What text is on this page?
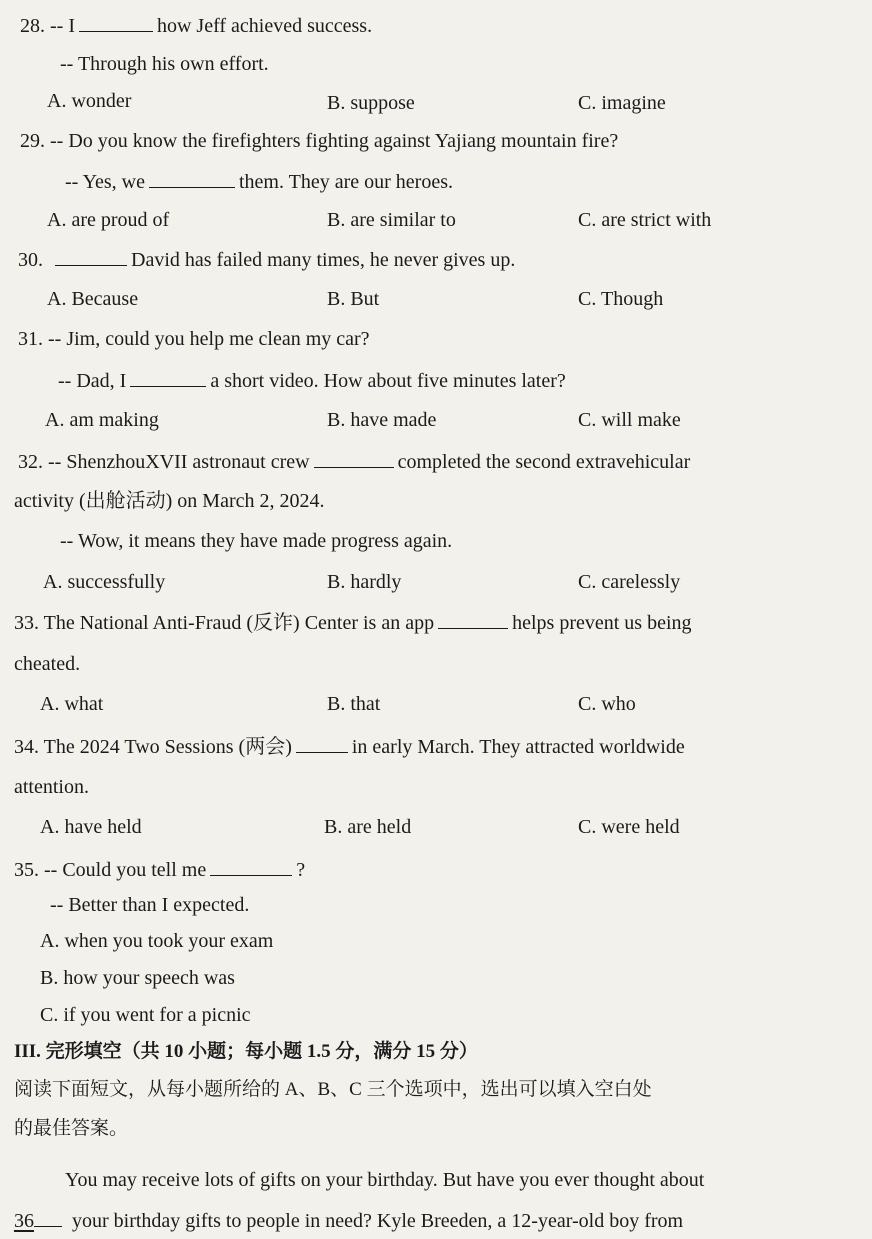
28. -- I	how Jeff achieved success.
-- Through his own effort.
A. wonder	B. suppose	C. imagine
29. -- Do you know the firefighters fighting against Yajiang mountain fire?
-- Yes, we	them. They are our heroes.
A. are proud of	B. are similar to	C. are strict with
30.	David has failed many times, he never gives up.
A. Because	B. But	C. Though
31. -- Jim, could you help me clean my car?
-- Dad, I	a short video. How about five minutes later?
A. am making	B. have made	C. will make
32. -- ShenzhouXVII astronaut crew	completed the second extravehicular
activity (出舱活动) on March 2, 2024.
-- Wow, it means they have made progress again.
A. successfully	B. hardly	C. carelessly
33. The National Anti-Fraud (反诈) Center is an app	helps prevent us being
cheated.
A. what	B. that	C. who
34. The 2024 Two Sessions (两会)	in early March. They attracted worldwide
attention.
A. have held	B. are held	C. were held
35. -- Could you tell me	?
-- Better than I expected.
A. when you took your exam
B. how your speech was
C. if you went for a picnic
III. 完形填空（共 10 小题；每小题 1.5 分，满分 15 分）
阅读下面短文，从每小题所给的 A、B、C 三个选项中，选出可以填入空白处
的最佳答案。
You may receive lots of gifts on your birthday. But have you ever thought about
36 your birthday gifts to people in need? Kyle Breeden, a 12-year-old boy from
